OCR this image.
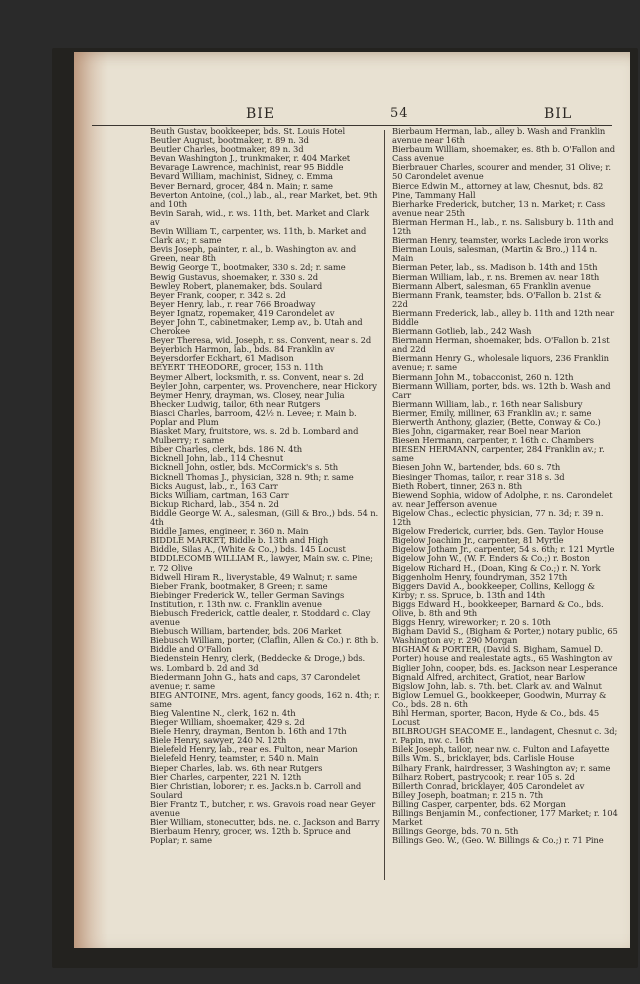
BIE	54	BIL
Beuth Gustav, bookkeeper, bds. St. Louis Hotel
Beutler August, bootmaker, r. 89 n. 3d
Beutler Charles, bootmaker, 89 n. 3d
Bevan Washington J., trunkmaker, r. 404 Market
Bevarage Lawrence, machinist, rear 95 Biddle
Bevard William, machinist, Sidney, c. Emma
Bever Bernard, grocer, 484 n. Main; r. same
Beverton Antoine, (col.,) lab., al., rear Market, bet. 9th and 10th
Bevin Sarah, wid., r. ws. 11th, bet. Market and Clark av
Bevin William T., carpenter, ws. 11th, b. Market and Clark av.; r. same
Bevis Joseph, painter, r. al., b. Washington av. and Green, near 8th
Bewig George T., bootmaker, 330 s. 2d; r. same
Bewig Gustavus, shoemaker, r. 330 s. 2d
Bewley Robert, planemaker, bds. Soulard
Beyer Frank, cooper, r. 342 s. 2d
Beyer Henry, lab., r. rear 766 Broadway
Beyer Ignatz, ropemaker, 419 Carondelet av
Beyer John T., cabinetmaker, Lemp av., b. Utah and Cherokee
Beyer Theresa, wid. Joseph, r. ss. Convent, near s. 2d
Beyerbich Harmon, lab., bds. 84 Franklin av
Beyersdorfer Eckhart, 61 Madison
BEYERT THEODORE, grocer, 153 n. 11th
Beymer Albert, locksmith, r. ss. Convent, near s. 2d
Beyler John, carpenter, ws. Provenchere, near Hickory
Beymer Henry, drayman, ws. Closey, near Julia
Bhecker Ludwig, tailor, 6th near Rutgers
Biasci Charles, barroom, 42½ n. Levee; r. Main b. Poplar and Plum
Biasket Mary, fruitstore, ws. s. 2d b. Lombard and Mulberry; r. same
Biber Charles, clerk, bds. 186 N. 4th
Bicknell John, lab., 114 Chesnut
Bicknell John, ostler, bds. McCormick's s. 5th
Bicknell Thomas J., physician, 328 n. 9th; r. same
Bicks August, lab., r., 163 Carr
Bicks William, cartman, 163 Carr
Bickup Richard, lab., 354 n. 2d
Biddle George W. A., salesman, (Gill & Bro.,) bds. 54 n. 4th
Biddle James, engineer, r. 360 n. Main
BIDDLE MARKET, Biddle b. 13th and High
Biddle, Silas A., (White & Co.,) bds. 145 Locust
BIDDLECOMB WILLIAM R., lawyer, Main sw. c. Pine; r. 72 Olive
Bidwell Hiram R., liverystable, 49 Walnut; r. same
Bieber Frank, bootmaker, 8 Green; r. same
Biebinger Frederick W., teller German Savings Institution, r. 13th nw. c. Franklin avenue
Biebusch Frederick, cattle dealer, r. Stoddard c. Clay avenue
Biebusch William, bartender, bds. 206 Market
Biebusch William, porter, (Claflin, Allen & Co.) r. 8th b. Biddle and O'Fallon
Biedenstein Henry, clerk, (Beddecke & Droge,) bds. ws. Lombard b. 2d and 3d
Biedermann John G., hats and caps, 37 Carondelet avenue; r. same
BIEG ANTOINE, Mrs. agent, fancy goods, 162 n. 4th; r. same
Bieg Valentine N., clerk, 162 n. 4th
Bieger William, shoemaker, 429 s. 2d
Biele Henry, drayman, Benton b. 16th and 17th
Biele Henry, sawyer, 240 N. 12th
Bielefeld Henry, lab., rear es. Fulton, near Marion
Bielefeld Henry, teamster, r. 540 n. Main
Bieper Charles, lab. ws. 6th near Rutgers
Bier Charles, carpenter, 221 N. 12th
Bier Christian, loborer; r. es. Jacks.n b. Carroll and Soulard
Bier Frantz T., butcher, r. ws. Gravois road near Geyer avenue
Bier William, stonecutter, bds. ne. c. Jackson and Barry
Bierbaum Henry, grocer, ws. 12th b. Spruce and Poplar; r. same
Bierbaum Herman, lab., alley b. Wash and Franklin avenue near 16th
Bierbaum William, shoemaker, es. 8th b. O'Fallon and Cass avenue
Bierbrauer Charles, scourer and mender, 31 Olive; r. 50 Carondelet avenue
Bierce Edwin M., attorney at law, Chesnut, bds. 82 Pine, Tammany Hall
Bierharke Frederick, butcher, 13 n. Market; r. Cass avenue near 25th
Bierman Herman H., lab., r. ns. Salisbury b. 11th and 12th
Bierman Henry, teamster, works Laclede iron works
Bierman Louis, salesman, (Martin & Bro.,) 114 n. Main
Bierman Peter, lab., ss. Madison b. 14th and 15th
Bierman William, lab., r. ns. Bremen av. near 18th
Biermann Albert, salesman, 65 Franklin avenue
Biermann Frank, teamster, bds. O'Fallon b. 21st & 22d
Biermann Frederick, lab., alley b. 11th and 12th near Biddle
Biermann Gotlieb, lab., 242 Wash
Biermann Herman, shoemaker, bds. O'Fallon b. 21st and 22d
Biermann Henry G., wholesale liquors, 236 Franklin avenue; r. same
Biermann John M., tobacconist, 260 n. 12th
Biermann William, porter, bds. ws. 12th b. Wash and Carr
Biermann William, lab., r. 16th near Salisbury
Biermer, Emily, milliner, 63 Franklin av.; r. same
Bierwerth Anthony, glazier, (Bette, Conway & Co.)
Bies John, cigarmaker, rear Boel near Marion
Biesen Hermann, carpenter, r. 16th c. Chambers
BIESEN HERMANN, carpenter, 284 Franklin av.; r. same
Biesen John W., bartender, bds. 60 s. 7th
Biesinger Thomas, tailor, r. rear 318 s. 3d
Bieth Robert, tinner, 263 n. 8th
Biewend Sophia, widow of Adolphe, r. ns. Carondelet av. near Jefferson avenue
Bigelow Chas., eclectic physician, 77 n. 3d; r. 39 n. 12th
Bigelow Frederick, currier, bds. Gen. Taylor House
Bigelow Joachim Jr., carpenter, 81 Myrtle
Bigelow Jotham Jr., carpenter, 54 s. 6th; r. 121 Myrtle
Bigelow John W., (W. F. Enders & Co.;) r. Boston
Bigelow Richard H., (Doan, King & Co.;) r. N. York
Biggenholm Henry, foundryman, 352 17th
Biggers David A., bookkeeper, Collins, Kellogg & Kirby; r. ss. Spruce, b. 13th and 14th
Biggs Edward H., bookkeeper, Barnard & Co., bds. Olive, b. 8th and 9th
Biggs Henry, wireworker; r. 20 s. 10th
Bigham David S., (Bigham & Porter,) notary public, 65 Washington av; r. 290 Morgan
BIGHAM & PORTER, (David S. Bigham, Samuel D. Porter) house and realestate agts., 65 Washington av
Biglier John, cooper, bds. es. Jackson near Lesperance
Bignald Alfred, architect, Gratiot, near Barlow
Bigslow John, lab. s. 7th. bet. Clark av. and Walnut
Biglow Lemuel G., bookkeeper, Goodwin, Murray & Co., bds. 28 n. 6th
Bihl Herman, sporter, Bacon, Hyde & Co., bds. 45 Locust
BILBROUGH SEACOME E., landagent, Chesnut c. 3d; r. Papin, nw. c. 16th
Bilek Joseph, tailor, near nw. c. Fulton and Lafayette
Bills Wm. S., bricklayer, bds. Carlisle House
Bilhary Frank, hairdresser, 3 Washington av; r. same
Bilharz Robert, pastrycook; r. rear 105 s. 2d
Billerth Conrad, bricklayer, 405 Carondelet av
Billey Joseph, boatman; r. 215 n. 7th
Billing Casper, carpenter, bds. 62 Morgan
Billings Benjamin M., confectioner, 177 Market; r. 104 Market
Billings George, bds. 70 n. 5th
Billings Geo. W., (Geo. W. Billings & Co.;) r. 71 Pine
